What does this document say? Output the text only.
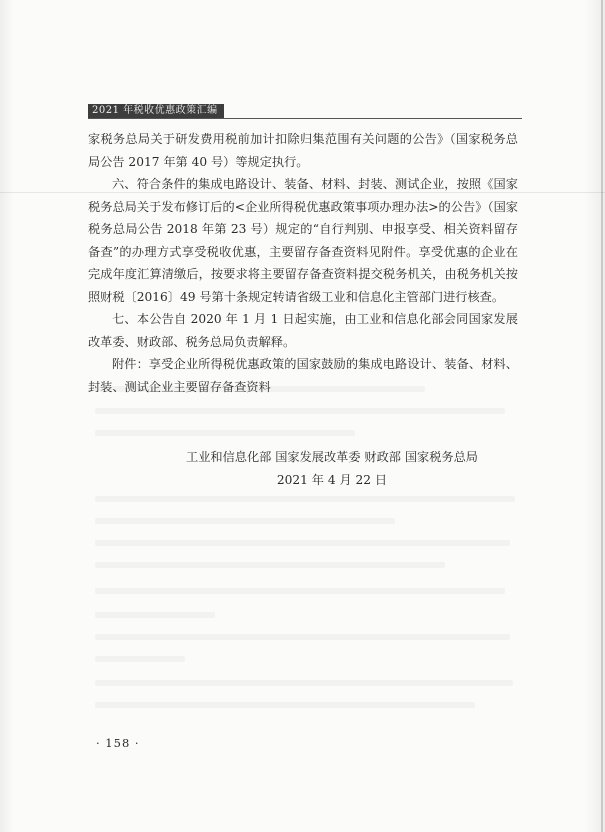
2021 年税收优惠政策汇编

家税务总局关于研发费用税前加计扣除归集范围有关问题的公告》（国家税务总局公告 2017 年第 40 号）等规定执行。

六、符合条件的集成电路设计、装备、材料、封装、测试企业，按照《国家税务总局关于发布修订后的<企业所得税优惠政策事项办理办法>的公告》（国家税务总局公告 2018 年第 23 号）规定的“自行判别、申报享受、相关资料留存备查”的办理方式享受税收优惠，主要留存备查资料见附件。享受优惠的企业在完成年度汇算清缴后，按要求将主要留存备查资料提交税务机关，由税务机关按照财税〔2016〕49 号第十条规定转请省级工业和信息化主管部门进行核查。

七、本公告自 2020 年 1 月 1 日起实施，由工业和信息化部会同国家发展改革委、财政部、税务总局负责解释。

附件：享受企业所得税优惠政策的国家鼓励的集成电路设计、装备、材料、封装、测试企业主要留存备查资料

工业和信息化部 国家发展改革委 财政部 国家税务总局
2021 年 4 月 22 日
· 158 ·
